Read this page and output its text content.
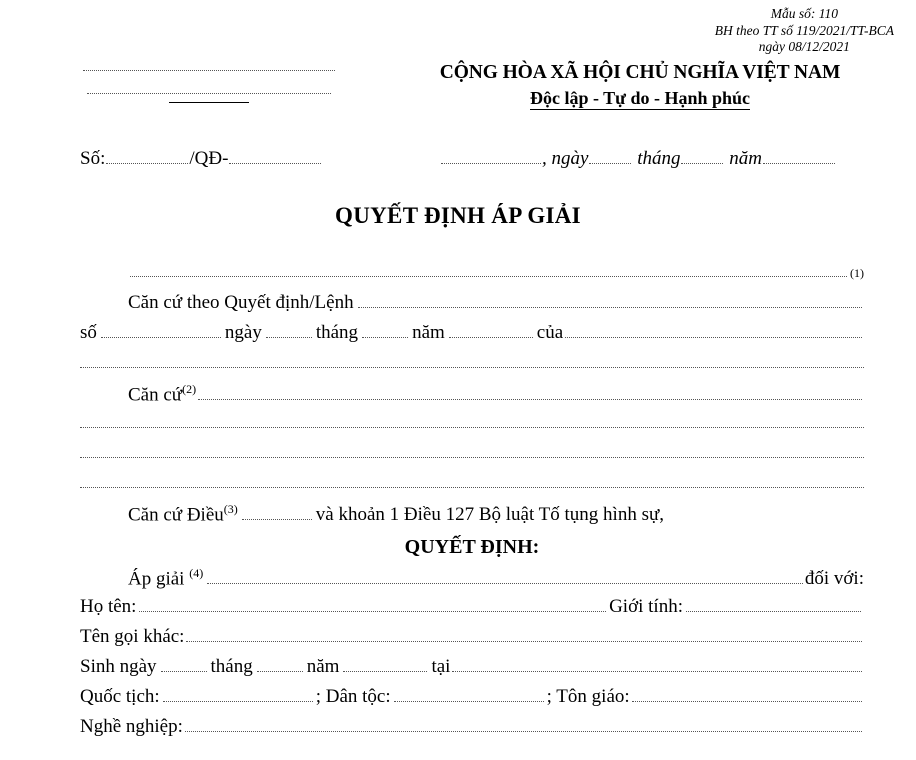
Mẫu số: 110
BH theo TT số 119/2021/TT-BCA
ngày 08/12/2021
CỘNG HÒA XÃ HỘI CHỦ NGHĨA VIỆT NAM
Độc lập - Tự do - Hạnh phúc
Số:	/QĐ-	, ngày	tháng	năm
QUYẾT ĐỊNH ÁP GIẢI
(1)
Căn cứ theo Quyết định/Lệnh
số	ngày	tháng	năm	của
Căn cứ$^{(2)}$
Căn cứ Điều$^{(3)}$	và khoản 1 Điều 127 Bộ luật Tố tụng hình sự,
QUYẾT ĐỊNH:
Áp giải $^{(4)}$	đối với:
Họ tên:	Giới tính:
Tên gọi khác:
Sinh ngày	tháng	năm	tại
Quốc tịch:	; Dân tộc:	; Tôn giáo:
Nghề nghiệp:
